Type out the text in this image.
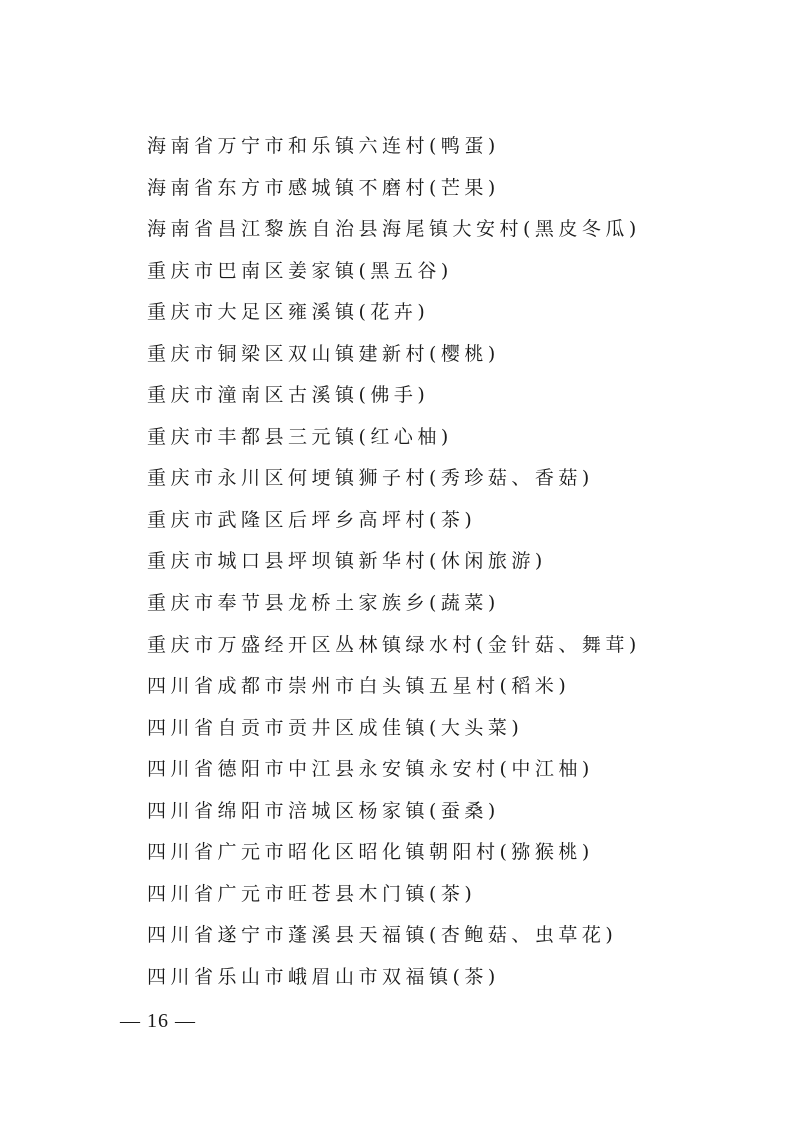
海南省万宁市和乐镇六连村(鸭蛋)
海南省东方市感城镇不磨村(芒果)
海南省昌江黎族自治县海尾镇大安村(黑皮冬瓜)
重庆市巴南区姜家镇(黑五谷)
重庆市大足区雍溪镇(花卉)
重庆市铜梁区双山镇建新村(樱桃)
重庆市潼南区古溪镇(佛手)
重庆市丰都县三元镇(红心柚)
重庆市永川区何埂镇狮子村(秀珍菇、香菇)
重庆市武隆区后坪乡高坪村(茶)
重庆市城口县坪坝镇新华村(休闲旅游)
重庆市奉节县龙桥土家族乡(蔬菜)
重庆市万盛经开区丛林镇绿水村(金针菇、舞茸)
四川省成都市崇州市白头镇五星村(稻米)
四川省自贡市贡井区成佳镇(大头菜)
四川省德阳市中江县永安镇永安村(中江柚)
四川省绵阳市涪城区杨家镇(蚕桑)
四川省广元市昭化区昭化镇朝阳村(猕猴桃)
四川省广元市旺苍县木门镇(茶)
四川省遂宁市蓬溪县天福镇(杏鲍菇、虫草花)
四川省乐山市峨眉山市双福镇(茶)
— 16 —
